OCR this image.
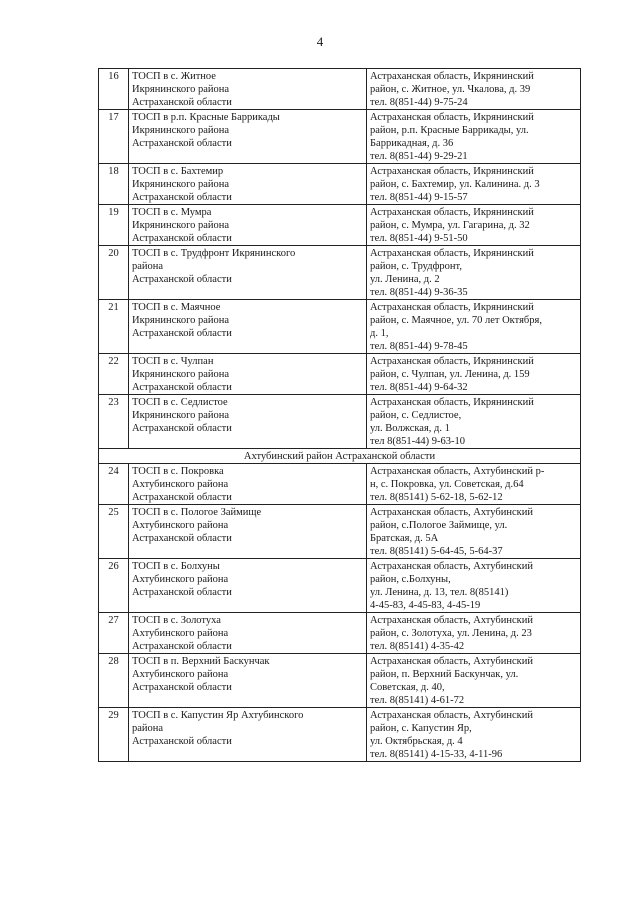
4
16	ТОСП в с. Житное
Икрянинского района
Астраханской области	Астраханская область, Икрянинский
район, с. Житное, ул. Чкалова, д. 39
тел. 8(851-44) 9-75-24
17	ТОСП в р.п. Красные Баррикады
Икрянинского района
Астраханской области	Астраханская область, Икрянинский
район, р.п. Красные Баррикады, ул.
Баррикадная, д. 36
тел. 8(851-44) 9-29-21
18	ТОСП в с. Бахтемир
Икрянинского района
Астраханской области	Астраханская область, Икрянинский
район, с. Бахтемир, ул. Калинина. д. 3
тел. 8(851-44) 9-15-57
19	ТОСП в с. Мумра
Икрянинского района
Астраханской области	Астраханская область, Икрянинский
район, с. Мумра, ул. Гагарина, д. 32
тел. 8(851-44) 9-51-50
20	ТОСП в с. Трудфронт Икрянинского
района
Астраханской области	Астраханская область, Икрянинский
район, с. Трудфронт,
ул. Ленина, д. 2
тел. 8(851-44) 9-36-35
21	ТОСП в с. Маячное
Икрянинского района
Астраханской области	Астраханская область, Икрянинский
район, с. Маячное, ул. 70 лет Октября,
д. 1,
тел. 8(851-44) 9-78-45
22	ТОСП в с. Чулпан
Икрянинского района
Астраханской области	Астраханская область, Икрянинский
район, с. Чулпан, ул. Ленина, д. 159
тел. 8(851-44) 9-64-32
23	ТОСП в с. Седлистое
Икрянинского района
Астраханской области	Астраханская область, Икрянинский
район, с. Седлистое,
ул. Волжская, д. 1
тел 8(851-44) 9-63-10
Ахтубинский район Астраханской области		
24	ТОСП в с. Покровка
Ахтубинского района
Астраханской области	Астраханская область, Ахтубинский р-
н, с. Покровка, ул. Советская, д.64
тел. 8(85141) 5-62-18, 5-62-12
25	ТОСП в с. Пологое Займище
Ахтубинского района
Астраханской области	Астраханская область, Ахтубинский
район, с.Пологое Займище, ул.
Братская, д. 5А
тел. 8(85141) 5-64-45, 5-64-37
26	ТОСП в с. Болхуны
Ахтубинского района
Астраханской области	Астраханская область, Ахтубинский
район, с.Болхуны,
ул. Ленина, д. 13, тел. 8(85141)
4-45-83, 4-45-83, 4-45-19
27	ТОСП в с. Золотуха
Ахтубинского района
Астраханской области	Астраханская область, Ахтубинский
район, с. Золотуха, ул. Ленина, д. 23
тел. 8(85141) 4-35-42
28	ТОСП в п. Верхний Баскунчак
Ахтубинского района
Астраханской области	Астраханская область, Ахтубинский
район, п. Верхний Баскунчак, ул.
Советская, д. 40,
тел. 8(85141) 4-61-72
29	ТОСП в с. Капустин Яр Ахтубинского
района
Астраханской области	Астраханская область, Ахтубинский
район, с. Капустин Яр,
ул. Октябрьская, д. 4
тел. 8(85141) 4-15-33, 4-11-96
